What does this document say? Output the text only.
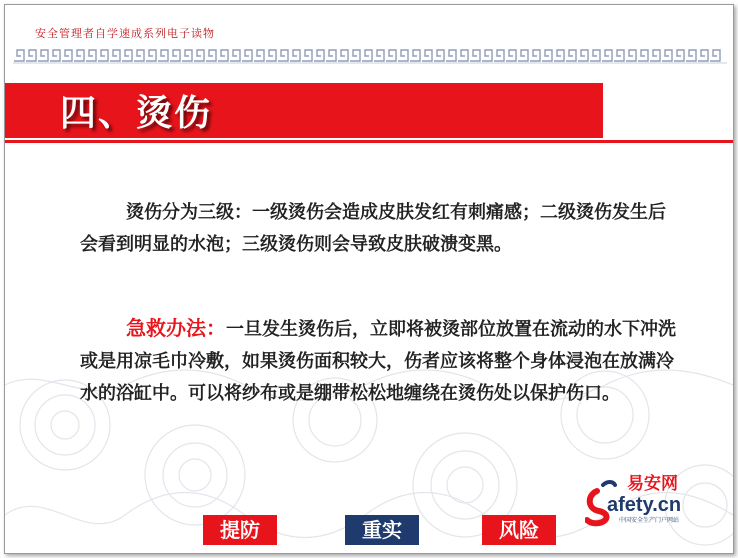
安全管理者自学速成系列电子读物
四、烫伤

烫伤分为三级：一级烫伤会造成皮肤发红有刺痛感；二级烫伤发生后会看到明显的水泡；三级烫伤则会导致皮肤破溃变黑。

急救办法：一旦发生烫伤后，立即将被烫部位放置在流动的水下冲洗或是用凉毛巾冷敷，如果烫伤面积较大，伤者应该将整个身体浸泡在放满冷水的浴缸中。可以将纱布或是绷带松松地缠绕在烫伤处以保护伤口。

易安网
afety.cn
中国安全生产门户网站
提防	重实	风险
